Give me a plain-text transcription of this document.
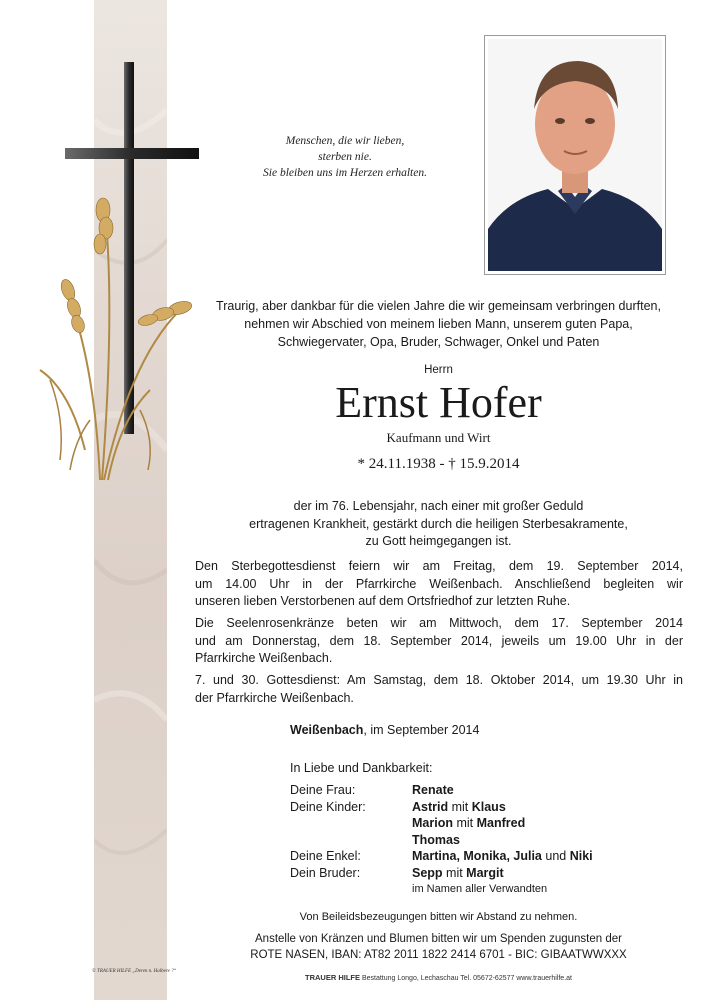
Menschen, die wir lieben,
sterben nie.
Sie bleiben uns im Herzen erhalten.
Traurig, aber dankbar für die vielen Jahre die wir gemeinsam verbringen durften,
nehmen wir Abschied von meinem lieben Mann, unserem guten Papa,
Schwiegervater, Opa, Bruder, Schwager, Onkel und Paten
Herrn
Ernst Hofer
Kaufmann und Wirt
* 24.11.1938 - † 15.9.2014
der im 76. Lebensjahr, nach einer mit großer Geduld
ertragenen Krankheit, gestärkt durch die heiligen Sterbesakramente,
zu Gott heimgegangen ist.
Den Sterbegottesdienst feiern wir am Freitag, dem 19. September 2014,
um 14.00 Uhr in der Pfarrkirche Weißenbach. Anschließend begleiten wir
unseren lieben Verstorbenen auf dem Ortsfriedhof zur letzten Ruhe.
Die Seelenrosenkränze beten wir am Mittwoch, dem 17. September 2014
und am Donnerstag, dem 18. September 2014, jeweils um 19.00 Uhr in der
Pfarrkirche Weißenbach.
7. und 30. Gottesdienst: Am Samstag, dem 18. Oktober 2014, um 19.30 Uhr in
der Pfarrkirche Weißenbach.
Weißenbach, im September 2014
In Liebe und Dankbarkeit:
Deine Frau:	Renate
Deine Kinder:	Astrid mit Klaus
Marion mit Manfred
Thomas
Deine Enkel:	Martina, Monika, Julia und Niki
Dein Bruder:	Sepp mit Margit
im Namen aller Verwandten
Von Beileidsbezeugungen bitten wir Abstand zu nehmen.
Anstelle von Kränzen und Blumen bitten wir um Spenden zugunsten der
ROTE NASEN, IBAN: AT82 2011 1822 2414 6701 - BIC: GIBAATWWXXX
TRAUER HILFE Bestattung Longo, Lechaschau Tel. 05672-62577 www.trauerhilfe.at
© TRAUER HILFE „Deren n. Halbere ?“
